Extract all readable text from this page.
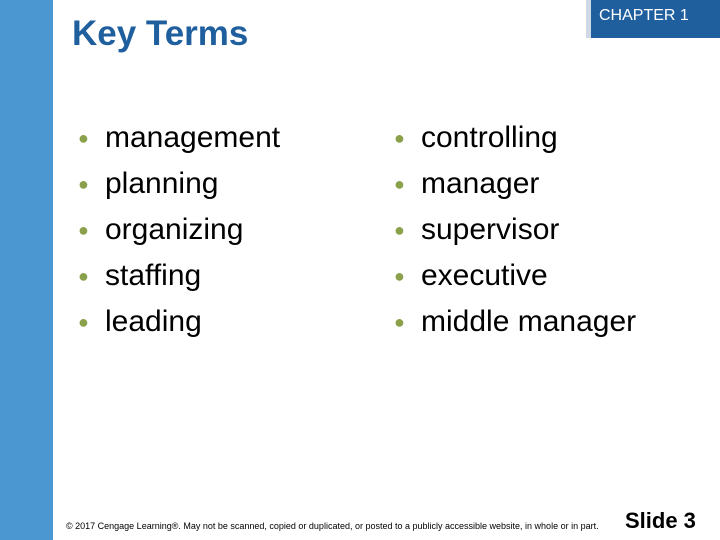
CHAPTER 1
Key Terms
● management
● planning
● organizing
● staffing
● leading
● controlling
● manager
● supervisor
● executive
● middle manager
© 2017 Cengage Learning®. May not be scanned, copied or duplicated, or posted to a publicly accessible website, in whole or in part. Slide 3
